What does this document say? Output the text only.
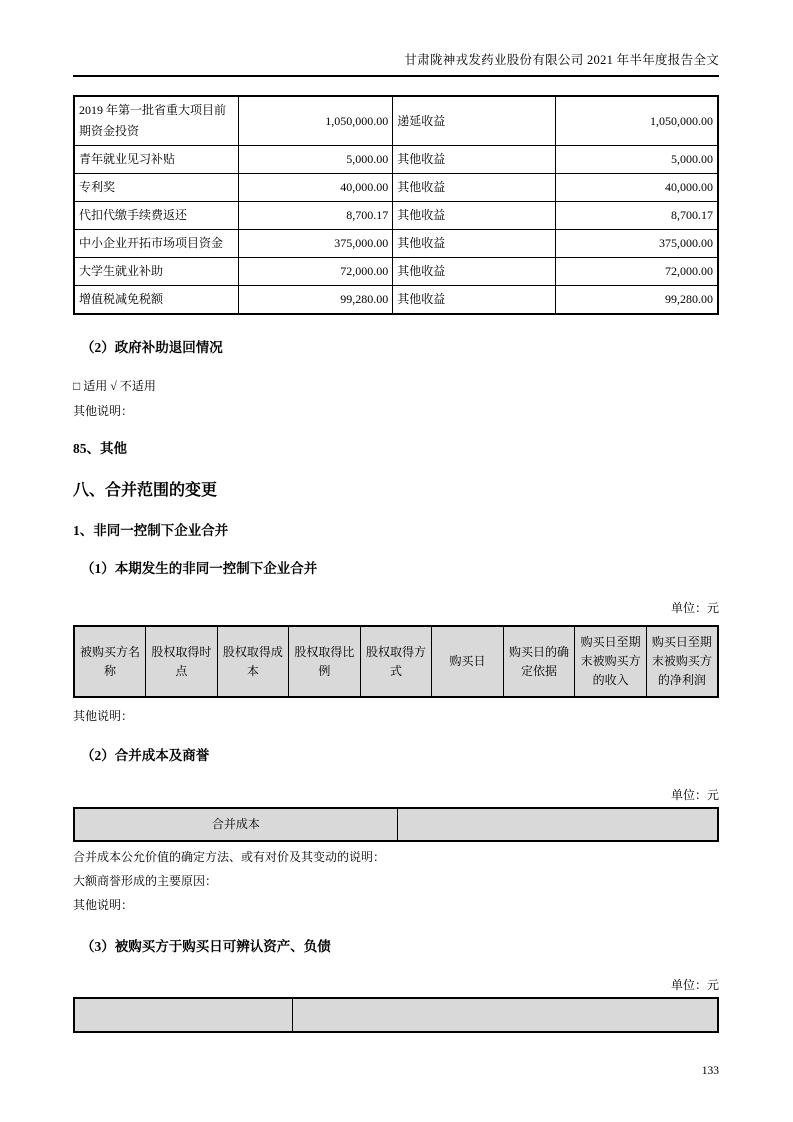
甘肃陇神戎发药业股份有限公司 2021 年半年度报告全文
2019 年第一批省重大项目前期资金投资	1,050,000.00	递延收益	1,050,000.00
青年就业见习补贴	5,000.00	其他收益	5,000.00
专利奖	40,000.00	其他收益	40,000.00
代扣代缴手续费返还	8,700.17	其他收益	8,700.17
中小企业开拓市场项目资金	375,000.00	其他收益	375,000.00
大学生就业补助	72,000.00	其他收益	72,000.00
增值税减免税额	99,280.00	其他收益	99,280.00
（2）政府补助退回情况
□ 适用 √ 不适用
其他说明：
85、其他
八、合并范围的变更
1、非同一控制下企业合并
（1）本期发生的非同一控制下企业合并
单位：元
被购买方名称	股权取得时点	股权取得成本	股权取得比例	股权取得方式	购买日	购买日的确定依据	购买日至期末被购买方的收入	购买日至期末被购买方的净利润
其他说明：
（2）合并成本及商誉
单位：元
合并成本	
合并成本公允价值的确定方法、或有对价及其变动的说明：
大额商誉形成的主要原因：
其他说明：
（3）被购买方于购买日可辨认资产、负债
单位：元

133
